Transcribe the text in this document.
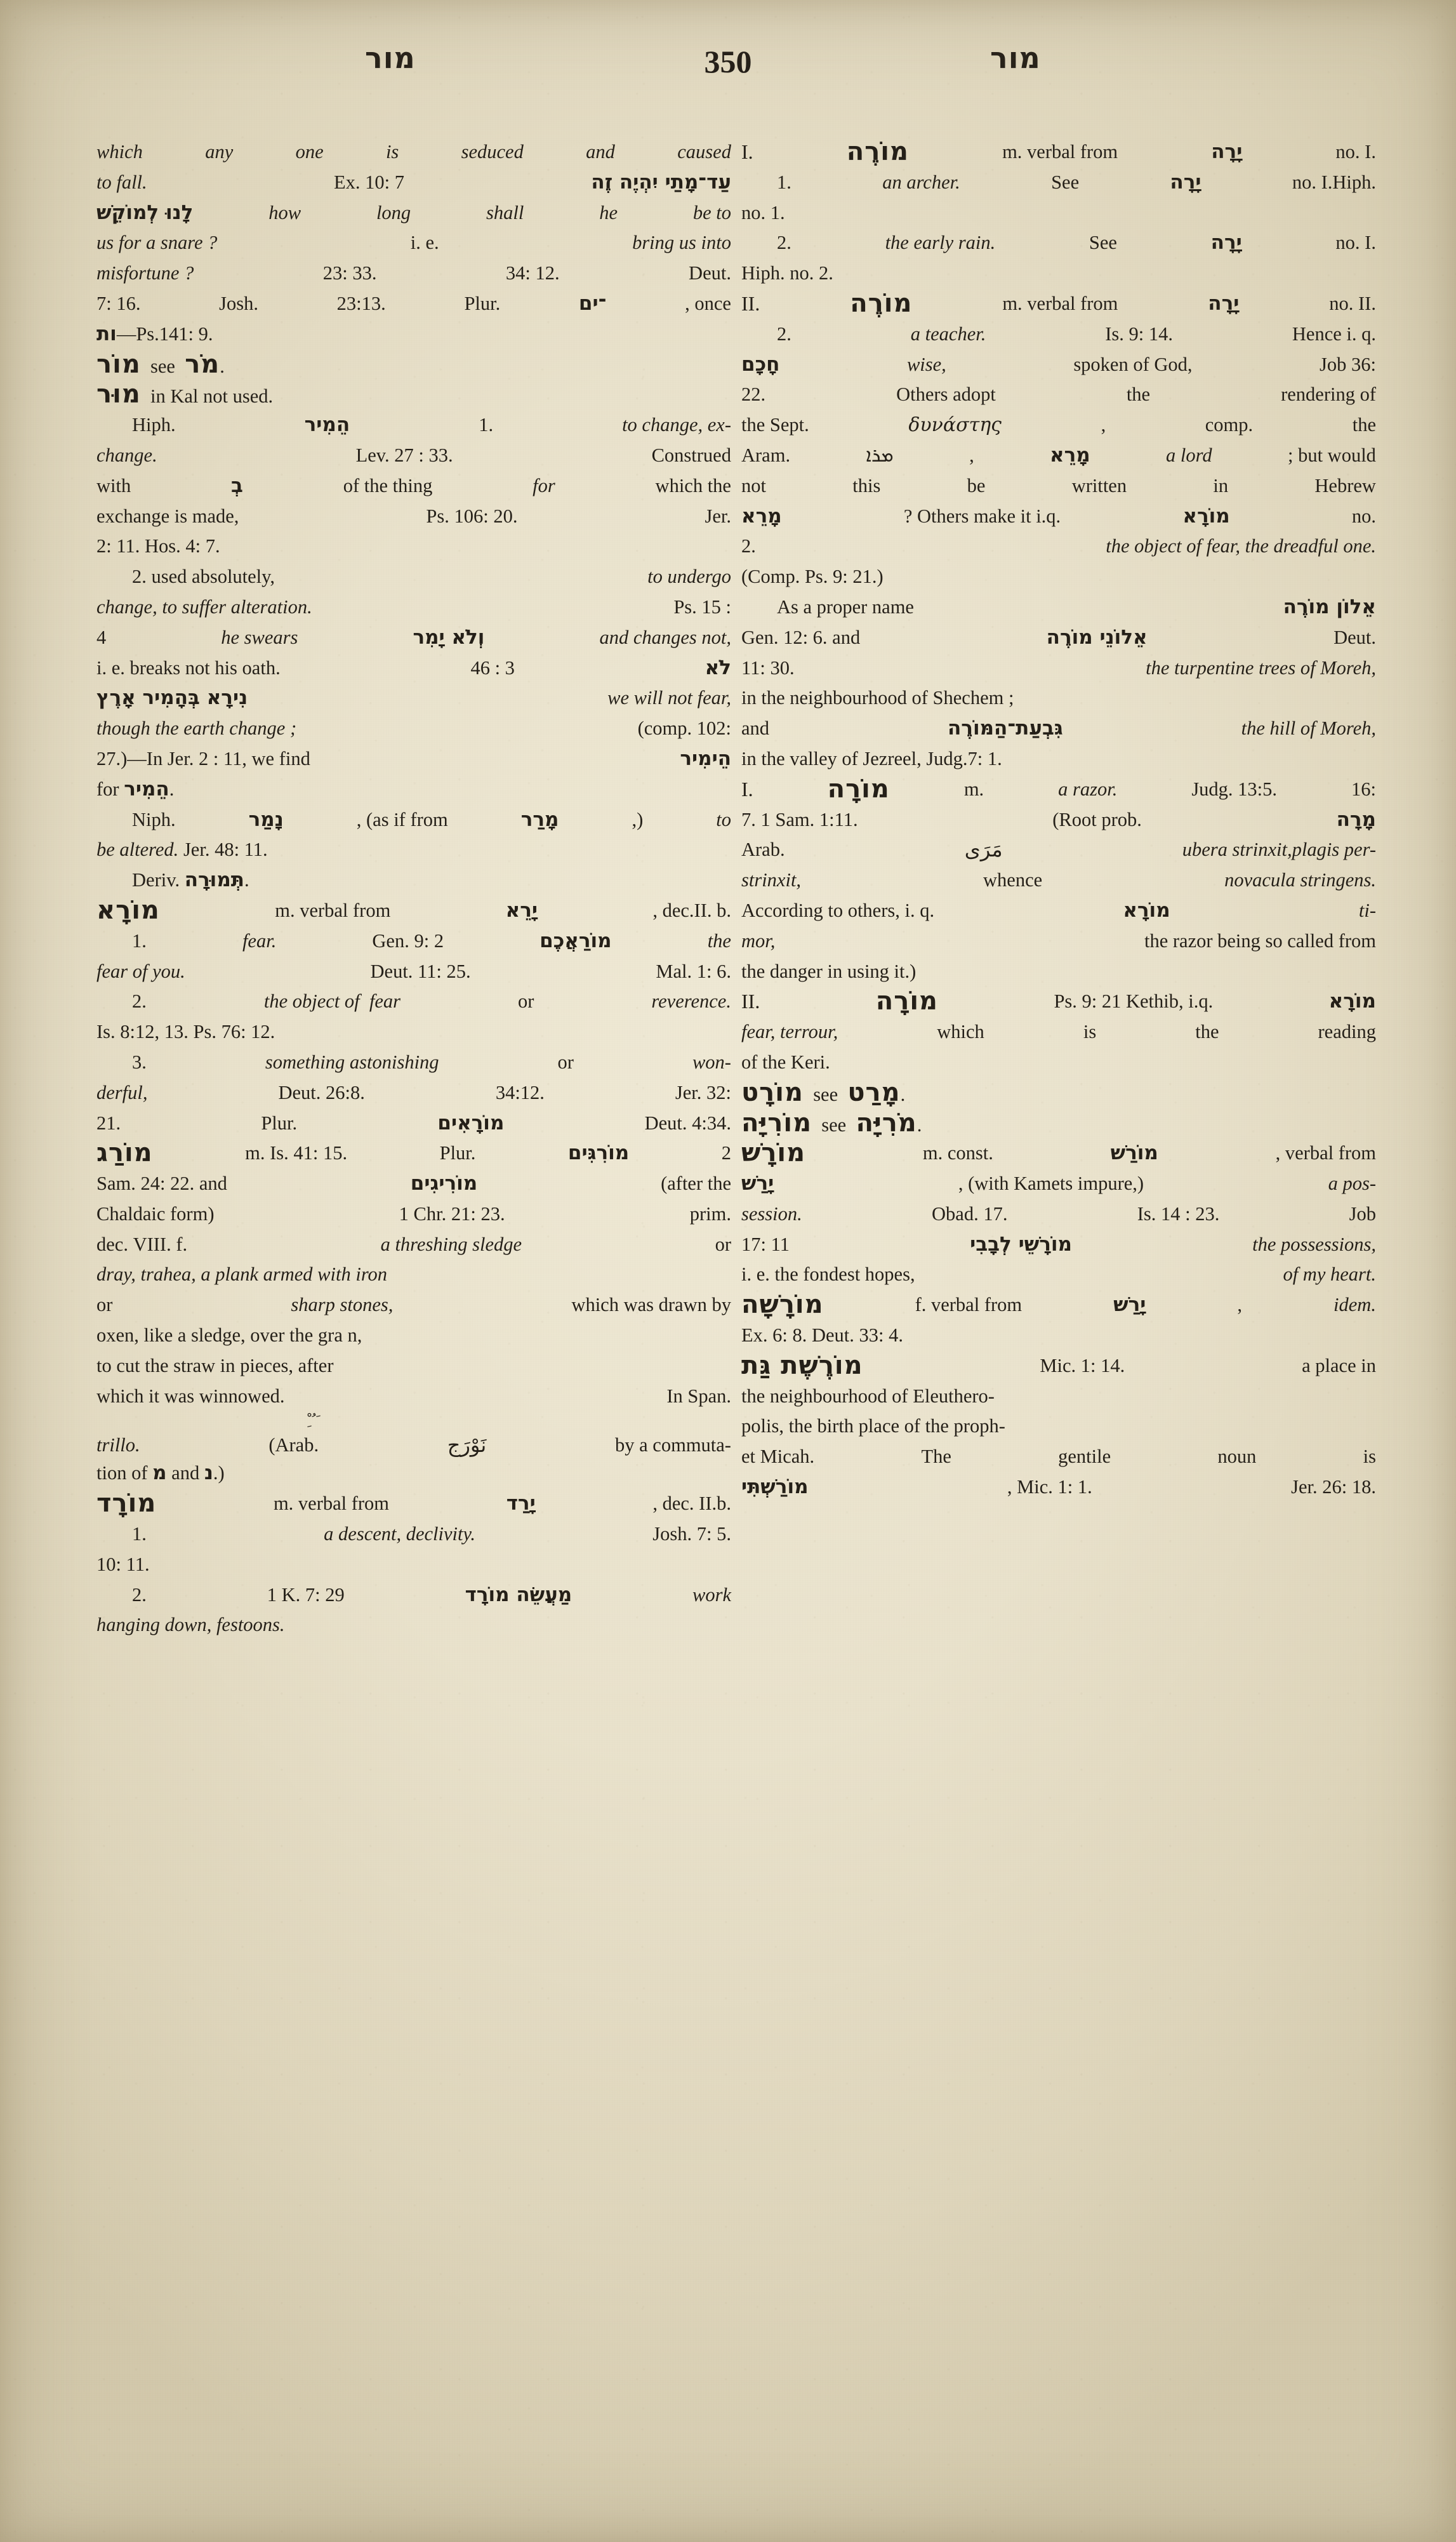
מור	350	מור
which	any	one	is	seduced	and	caused
to fall.	Ex. 10: 7	עַד־מָתַי יִהְיֶה זֶה
לָנוּ לְמוֹקֵשׁ	how	long	shall	he	be to
us for a snare ?	i. e.	bring us into
misfortune ?	23: 33.	34: 12.	Deut.
7: 16.	Josh.	23:13.	Plur.	־ים	, once
ות—Ps.141: 9.
מוֹר  see  מֹר.
מוּר  in Kal not used.
Hiph.	הֵמִיר	1.	to change, ex-
change.	Lev. 27 : 33.	Construed
with	בְ	of the thing	for	which the
exchange is made,	Ps. 106: 20.	Jer.
2: 11. Hos. 4: 7.
2. used absolutely,	to undergo
change, to suffer alteration.	Ps. 15 :
4	he swears	וְלֹא יָמִר	and changes not,
i. e. breaks not his oath.	46 : 3	לֹא
נִירָא בְּהָמִיר אָרֶץ	we will not fear,
though the earth change ;	(comp. 102:
27.)—In Jer. 2 : 11, we find	הֵימִיר
for הֵמִיר.
Niph.	נָמַר	, (as if from	מָרַר	,)	to
be altered. Jer. 48: 11.
Deriv. תְּמוּרָה.
מוֹרָא	m. verbal from	יָרֵא	, dec.II. b.
1.	fear.	Gen. 9: 2	מוֹרַאֲכֶם	the
fear of you.	Deut. 11: 25.	Mal. 1: 6.
2.	the object of  fear	or	reverence.
Is. 8:12, 13. Ps. 76: 12.
3.	something astonishing	or	won-
derful,	Deut. 26:8.	34:12.	Jer. 32:
21.	Plur.	מוֹרָאִים	Deut. 4:34.
מוֹרַג	m. Is. 41: 15.	Plur.	מוֹרִגִּים	2
Sam. 24: 22. and	מוֹרִיגִים	(after the
Chaldaic form)	1 Chr. 21: 23.	prim.
dec. VIII. f.	a threshing sledge	or
dray, trahea, a plank armed with iron
or	sharp stones,	which was drawn by
oxen, like a sledge, over the gra n,
to cut the straw in pieces, after
which it was winnowed.	In Span.
ْ ِ ُ َ
trillo.	(Arab.	نَوْرَج	by a commuta-
tion of מ and נ.)
מוֹרָד	m. verbal from	יָרַד	, dec. II.b.
1.	a descent, declivity.	Josh. 7: 5.
10: 11.
2.	1 K. 7: 29	מַעֲשֵׂה מוֹרָד	work
hanging down, festoons.
I.	מוֹרֶה	m. verbal from	יָרָה	no. I.
1.	an archer.	See	יָרָה	no. I.Hiph.
no. 1.
2.	the early rain.	See	יָרָה	no. I.
Hiph. no. 2.
II.	מוֹרֶה	m. verbal from	יָרָה	no. II.
2.	a teacher.	Is. 9: 14.	Hence i. q.
חָכָם	wise,	spoken of God,	Job 36:
22.	Others adopt	the	rendering of
the Sept.	δυνάστης	,	comp.	the
Aram.	ܡܪܐ	,	מָרֵא	a lord	; but would
not	this	be	written	in	Hebrew
מָרֵא	? Others make it i.q.	מוֹרָא	no.
2.	the object of fear, the dreadful one.
(Comp. Ps. 9: 21.)
As a proper name	אֵלוֹן מוֹרֶה
Gen. 12: 6. and	אֵלוֹנֵי מוֹרֶה	Deut.
11: 30.	the turpentine trees of Moreh,
in the neighbourhood of Shechem ;
and	גִּבְעַת־הַמּוֹרֶה	the hill of Moreh,
in the valley of Jezreel, Judg.7: 1.
I.	מוֹרָה	m.	a razor.	Judg. 13:5.	16:
7. 1 Sam. 1:11.	(Root prob.	מָרָה
Arab.	مَرَى	ubera strinxit,plagis per-
strinxit,	whence	novacula stringens.
According to others, i. q.	מוֹרָא	ti-
mor,	the razor being so called from
the danger in using it.)
II.	מוֹרָה	Ps. 9: 21 Kethib, i.q.	מוֹרָא
fear, terrour,	which	is	the	reading
of the Keri.
מוֹרָט  see  מָרַט.
מוֹרִיָּה  see  מֹרִיָּה.
מוֹרָשׁ	m. const.	מוֹרַשׁ	, verbal from
יָרַשׁ	, (with Kamets impure,)	a pos-
session.	Obad. 17.	Is. 14 : 23.	Job
17: 11	מוֹרָשֵׁי לְבָבִי	the possessions,
i. e. the fondest hopes,	of my heart.
מוֹרָשָׁה	f. verbal from	יָרַשׁ	,	idem.
Ex. 6: 8. Deut. 33: 4.
מוֹרֶשֶׁת גַּת	Mic. 1: 14.	a place in
the neighbourhood of Eleuthero-
polis, the birth place of the proph-
et Micah.	The	gentile	noun	is
מוֹרַשְׁתִּי	, Mic. 1: 1.	Jer. 26: 18.
